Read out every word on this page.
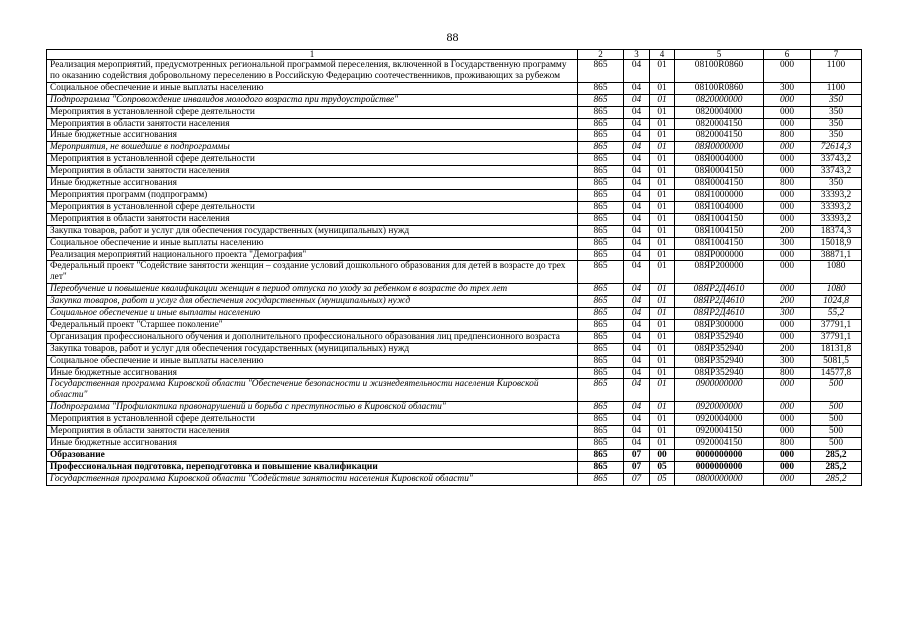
88
1	2	3	4	5	6	7
Реализация мероприятий, предусмотренных региональной программой переселения, включенной в Государственную программу по оказанию содействия добровольному переселению в Российскую Федерацию соотечественников, проживающих за рубежом	865	04	01	08100R0860	000	1100
Социальное обеспечение и иные выплаты населению	865	04	01	08100R0860	300	1100
Подпрограмма "Сопровождение инвалидов молодого возраста при трудоустройстве"	865	04	01	0820000000	000	350
Мероприятия в установленной сфере деятельности	865	04	01	0820004000	000	350
Мероприятия в области занятости населения	865	04	01	0820004150	000	350
Иные бюджетные ассигнования	865	04	01	0820004150	800	350
Мероприятия, не вошедшие в подпрограммы	865	04	01	08Я0000000	000	72614,3
Мероприятия в установленной сфере деятельности	865	04	01	08Я0004000	000	33743,2
Мероприятия в области занятости населения	865	04	01	08Я0004150	000	33743,2
Иные бюджетные ассигнования	865	04	01	08Я0004150	800	350
Мероприятия программ (подпрограмм)	865	04	01	08Я1000000	000	33393,2
Мероприятия в установленной сфере деятельности	865	04	01	08Я1004000	000	33393,2
Мероприятия в области занятости населения	865	04	01	08Я1004150	000	33393,2
Закупка товаров, работ и услуг для обеспечения государственных (муниципальных) нужд	865	04	01	08Я1004150	200	18374,3
Социальное обеспечение и иные выплаты населению	865	04	01	08Я1004150	300	15018,9
Реализация мероприятий национального проекта "Демография"	865	04	01	08ЯР000000	000	38871,1
Федеральный проект "Содействие занятости женщин – создание условий дошкольного образования для детей в возрасте до трех лет"	865	04	01	08ЯР200000	000	1080
Переобучение и повышение квалификации женщин в период отпуска по уходу за ребенком в возрасте до трех лет	865	04	01	08ЯР2Д4610	000	1080
Закупка товаров, работ и услуг для обеспечения государственных (муниципальных) нужд	865	04	01	08ЯР2Д4610	200	1024,8
Социальное обеспечение и иные выплаты населению	865	04	01	08ЯР2Д4610	300	55,2
Федеральный проект "Старшее поколение"	865	04	01	08ЯР300000	000	37791,1
Организация профессионального обучения и дополнительного профессионального образования лиц предпенсионного возраста	865	04	01	08ЯР352940	000	37791,1
Закупка товаров, работ и услуг для обеспечения государственных (муниципальных) нужд	865	04	01	08ЯР352940	200	18131,8
Социальное обеспечение и иные выплаты населению	865	04	01	08ЯР352940	300	5081,5
Иные бюджетные ассигнования	865	04	01	08ЯР352940	800	14577,8
Государственная программа Кировской области "Обеспечение безопасности и жизнедеятельности населения Кировской области"	865	04	01	0900000000	000	500
Подпрограмма "Профилактика правонарушений и борьба с преступностью в Кировской области"	865	04	01	0920000000	000	500
Мероприятия в установленной сфере деятельности	865	04	01	0920004000	000	500
Мероприятия в области занятости населения	865	04	01	0920004150	000	500
Иные бюджетные ассигнования	865	04	01	0920004150	800	500
Образование	865	07	00	0000000000	000	285,2
Профессиональная подготовка, переподготовка и повышение квалификации	865	07	05	0000000000	000	285,2
Государственная программа Кировской области "Содействие занятости населения Кировской области"	865	07	05	0800000000	000	285,2
